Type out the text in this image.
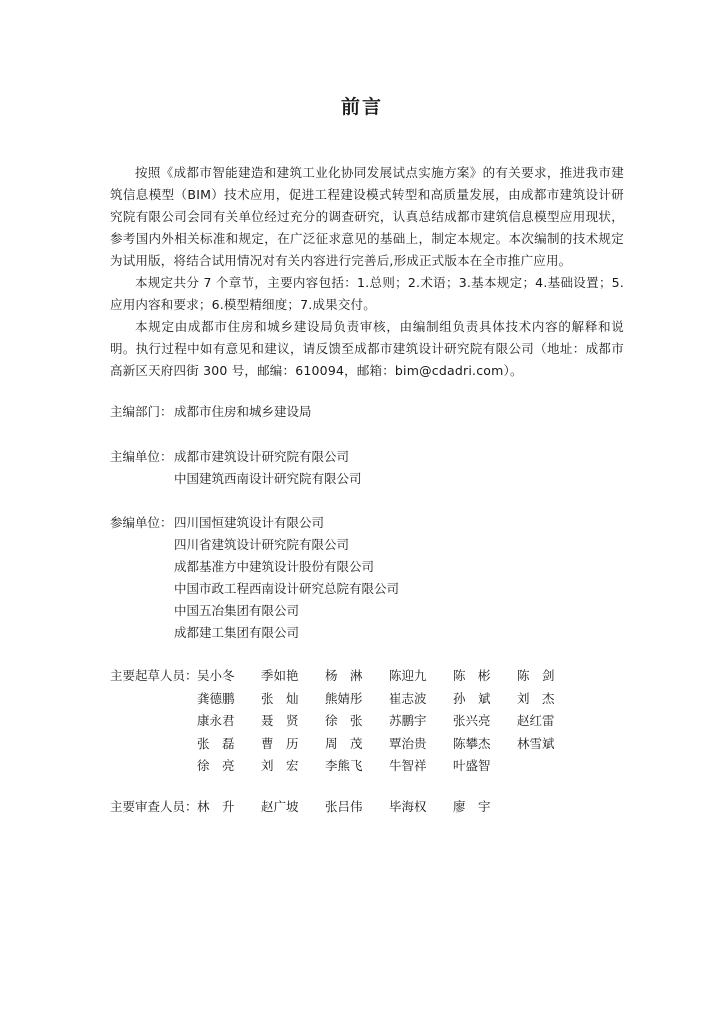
前言

按照《成都市智能建造和建筑工业化协同发展试点实施方案》的有关要求，推进我市建筑信息模型（BIM）技术应用，促进工程建设模式转型和高质量发展，由成都市建筑设计研究院有限公司会同有关单位经过充分的调查研究，认真总结成都市建筑信息模型应用现状，参考国内外相关标准和规定，在广泛征求意见的基础上，制定本规定。本次编制的技术规定为试用版，将结合试用情况对有关内容进行完善后,形成正式版本在全市推广应用。

本规定共分 7 个章节，主要内容包括：1.总则；2.术语；3.基本规定；4.基础设置；5.应用内容和要求；6.模型精细度；7.成果交付。

本规定由成都市住房和城乡建设局负责审核，由编制组负责具体技术内容的解释和说明。执行过程中如有意见和建议，请反馈至成都市建筑设计研究院有限公司（地址：成都市高新区天府四街 300 号，邮编：610094，邮箱：bim@cdadri.com）。

主编部门：成都市住房和城乡建设局
主编单位： 成都市建筑设计研究院有限公司
中国建筑西南设计研究院有限公司
参编单位： 四川国恒建筑设计有限公司
四川省建筑设计研究院有限公司
成都基准方中建筑设计股份有限公司
中国市政工程西南设计研究总院有限公司
中国五冶集团有限公司
成都建工集团有限公司
主要起草人员： 吴小冬 季如艳 杨　淋 陈迎九 陈　彬 陈　剑
龚德鹏 张　灿 熊婧彤 崔志波 孙　斌 刘　杰
康永君 聂　贤 徐　张 苏鹏宇 张兴亮 赵红雷
张　磊 曹　历 周　茂 覃治贵 陈攀杰 林雪斌
徐　亮 刘　宏 李熊飞 牛智祥 叶盛智
主要审查人员： 林　升 赵广坡 张吕伟 毕海权 廖　宇
